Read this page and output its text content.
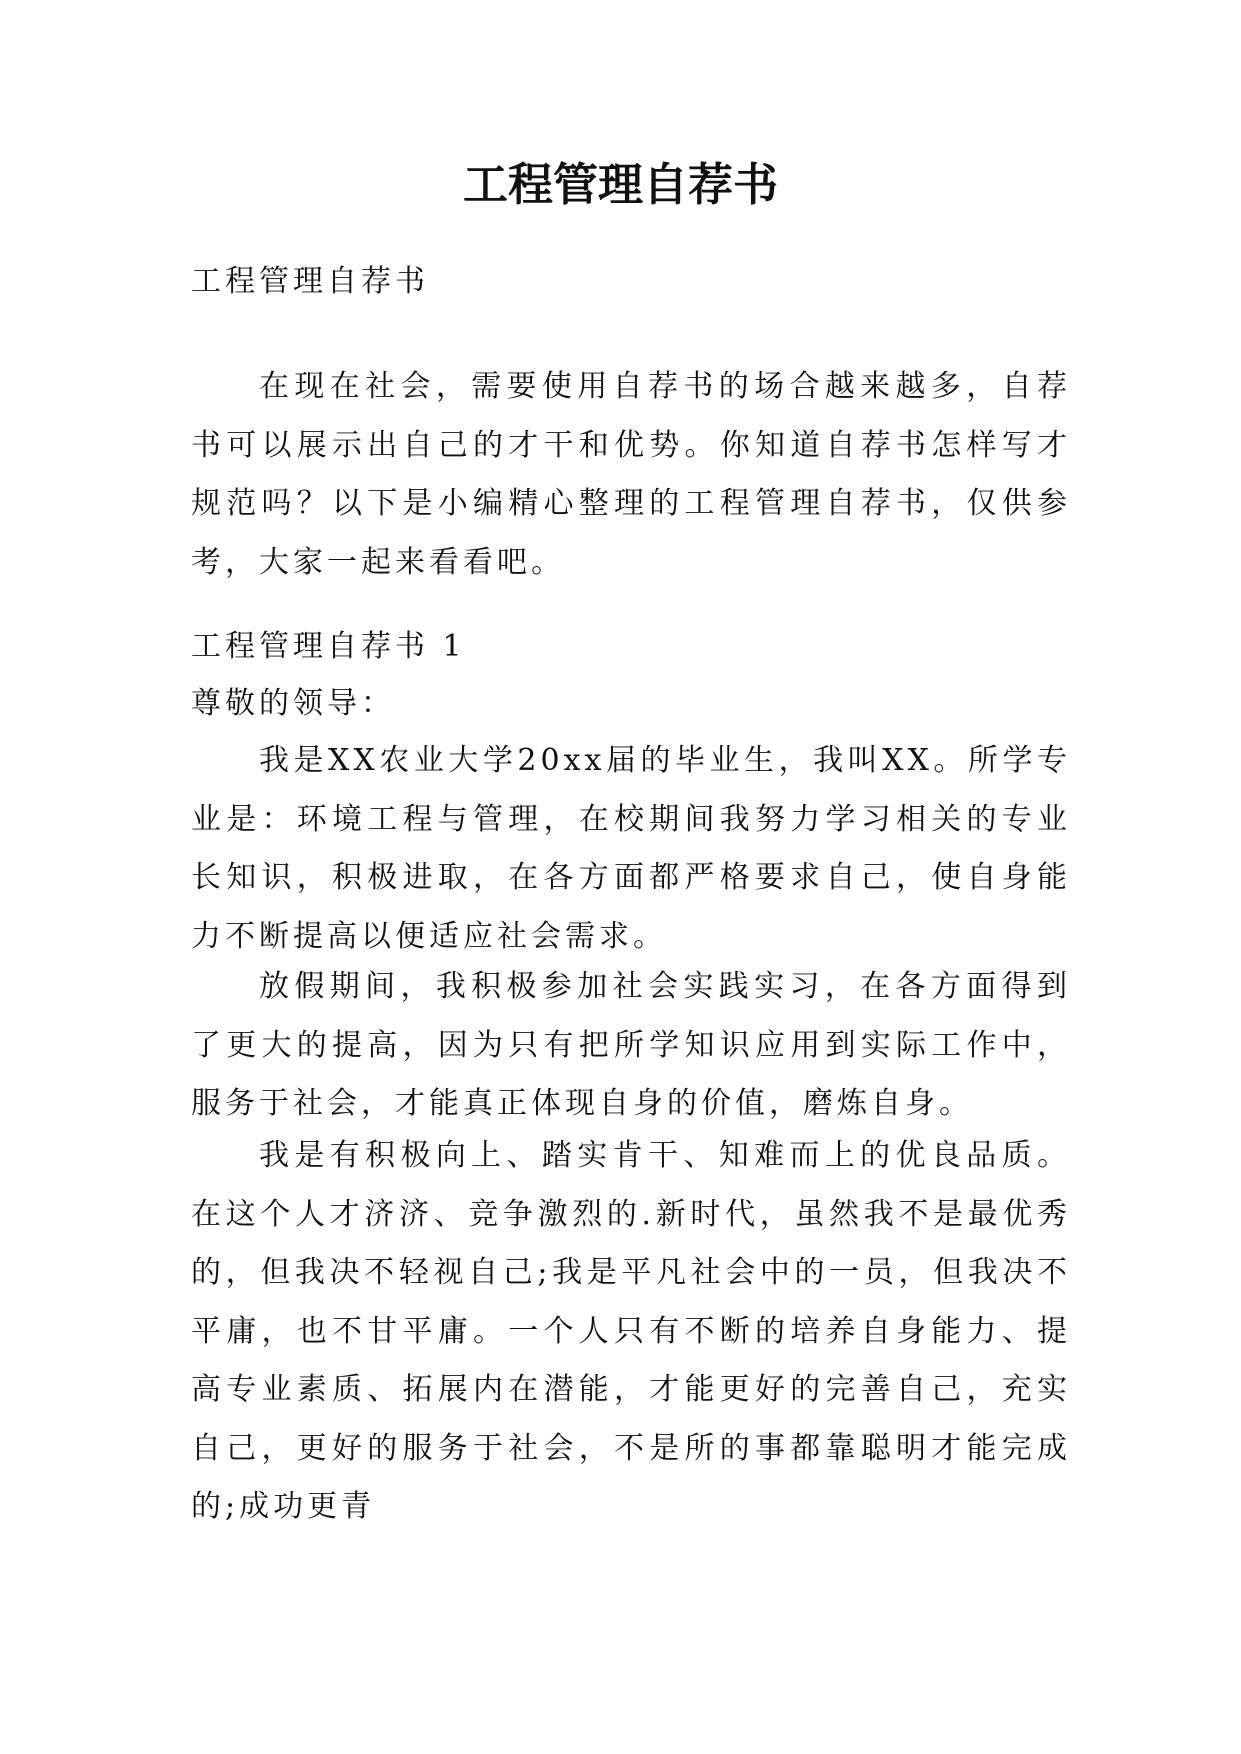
工程管理自荐书

工程管理自荐书

在现在社会，需要使用自荐书的场合越来越多，自荐书可以展示出自己的才干和优势。你知道自荐书怎样写才规范吗？以下是小编精心整理的工程管理自荐书，仅供参考，大家一起来看看吧。

工程管理自荐书 1

尊敬的领导：

我是XX农业大学20xx届的毕业生，我叫XX。所学专业是：环境工程与管理，在校期间我努力学习相关的专业长知识，积极进取，在各方面都严格要求自己，使自身能力不断提高以便适应社会需求。

放假期间，我积极参加社会实践实习，在各方面得到了更大的提高，因为只有把所学知识应用到实际工作中，服务于社会，才能真正体现自身的价值，磨炼自身。

我是有积极向上、踏实肯干、知难而上的优良品质。在这个人才济济、竞争激烈的.新时代，虽然我不是最优秀的，但我决不轻视自己;我是平凡社会中的一员，但我决不平庸，也不甘平庸。一个人只有不断的培养自身能力、提高专业素质、拓展内在潜能，才能更好的完善自己，充实自己，更好的服务于社会，不是所的事都靠聪明才能完成的;成功更青
